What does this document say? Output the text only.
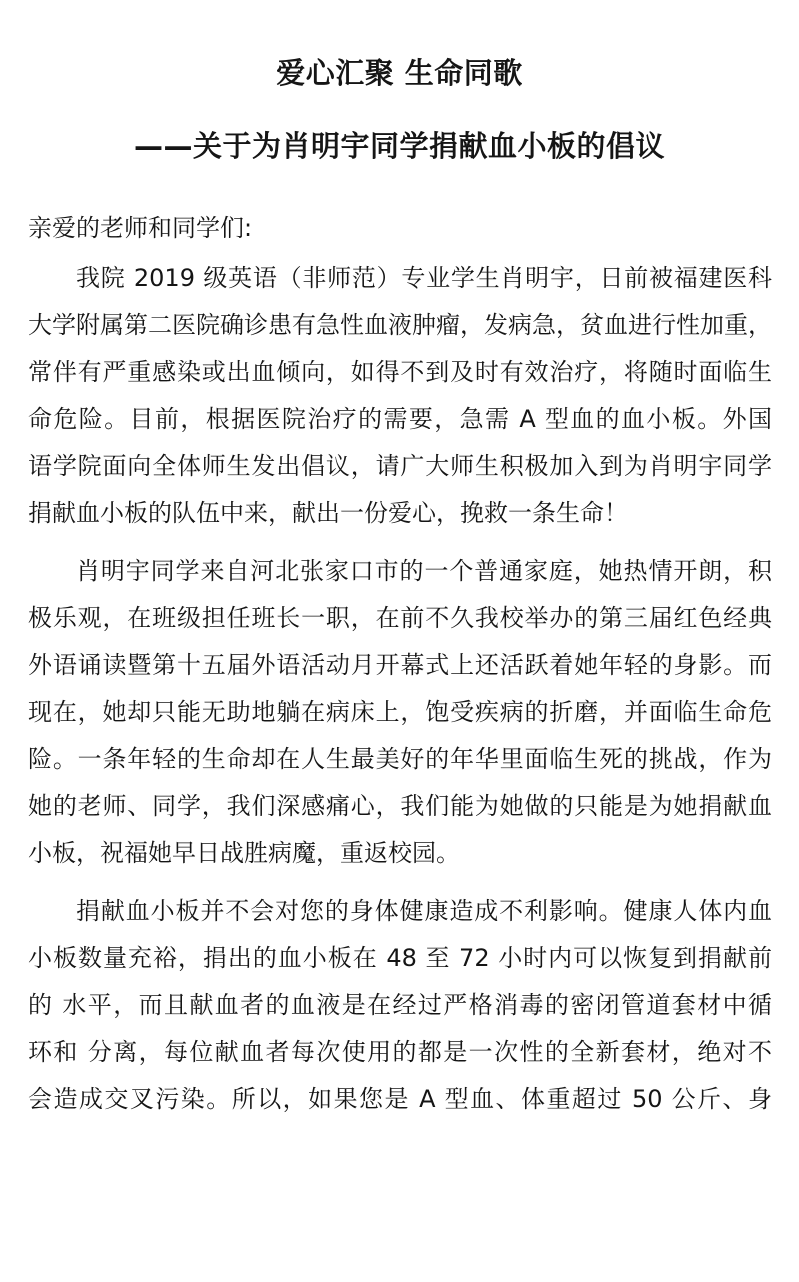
爱心汇聚 生命同歌
——关于为肖明宇同学捐献血小板的倡议
亲爱的老师和同学们:
我院 2019 级英语（非师范）专业学生肖明宇，日前被福建医科
大学附属第二医院确诊患有急性血液肿瘤，发病急，贫血进行性加重，
常伴有严重感染或出血倾向，如得不到及时有效治疗，将随时面临生
命危险。目前，根据医院治疗的需要，急需 A 型血的血小板。外国
语学院面向全体师生发出倡议，请广大师生积极加入到为肖明宇同学
捐献血小板的队伍中来，献出一份爱心，挽救一条生命！
肖明宇同学来自河北张家口市的一个普通家庭，她热情开朗，积
极乐观，在班级担任班长一职，在前不久我校举办的第三届红色经典
外语诵读暨第十五届外语活动月开幕式上还活跃着她年轻的身影。而
现在，她却只能无助地躺在病床上，饱受疾病的折磨，并面临生命危
险。一条年轻的生命却在人生最美好的年华里面临生死的挑战，作为
她的老师、同学，我们深感痛心，我们能为她做的只能是为她捐献血
小板，祝福她早日战胜病魔，重返校园。
捐献血小板并不会对您的身体健康造成不利影响。健康人体内血
小板数量充裕，捐出的血小板在 48 至 72 小时内可以恢复到捐献前
的 水平，而且献血者的血液是在经过严格消毒的密闭管道套材中循
环和 分离，每位献血者每次使用的都是一次性的全新套材，绝对不
会造成交叉污染。所以，如果您是 A 型血、体重超过 50 公斤、身
